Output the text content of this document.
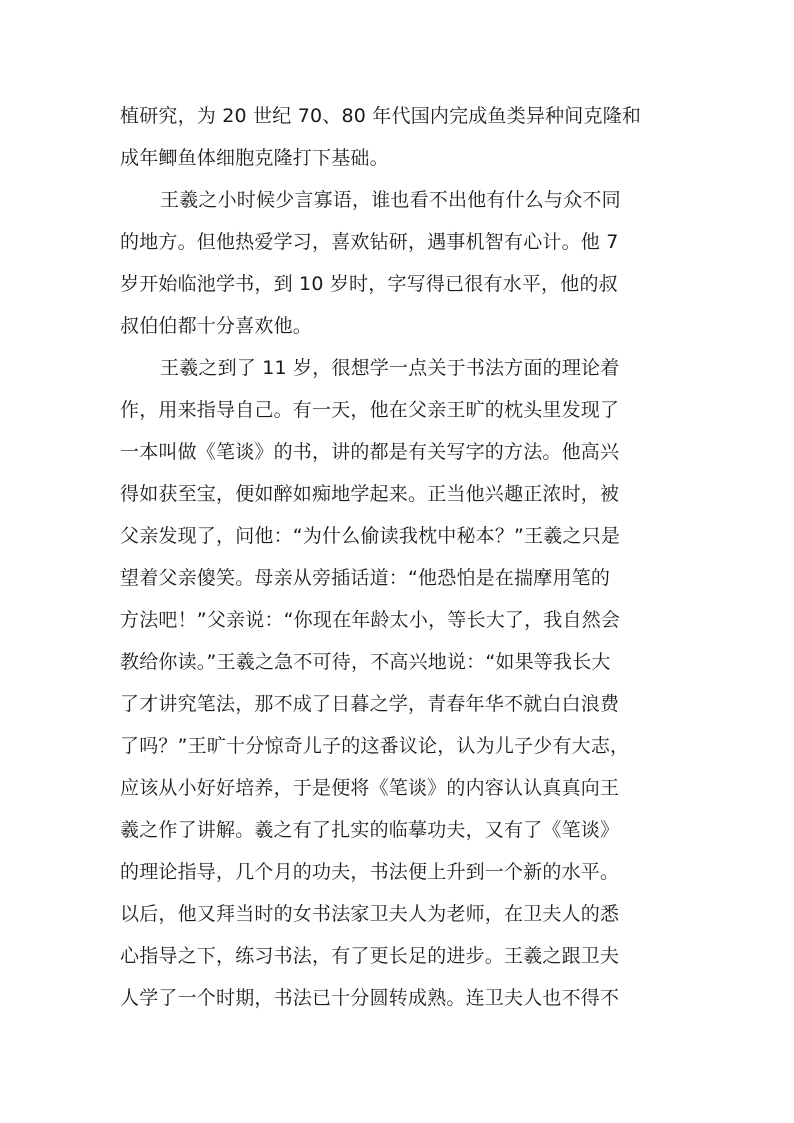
植研究，为 20 世纪 70、80 年代国内完成鱼类异种间克隆和
成年鲫鱼体细胞克隆打下基础。
王羲之小时候少言寡语，谁也看不出他有什么与众不同
的地方。但他热爱学习，喜欢钻研，遇事机智有心计。他 7
岁开始临池学书，到 10 岁时，字写得已很有水平，他的叔
叔伯伯都十分喜欢他。
王羲之到了 11 岁，很想学一点关于书法方面的理论着
作，用来指导自己。有一天，他在父亲王旷的枕头里发现了
一本叫做《笔谈》的书，讲的都是有关写字的方法。他高兴
得如获至宝，便如醉如痴地学起来。正当他兴趣正浓时，被
父亲发现了，问他：“为什么偷读我枕中秘本？”王羲之只是
望着父亲傻笑。母亲从旁插话道：“他恐怕是在揣摩用笔的
方法吧！”父亲说：“你现在年龄太小，等长大了，我自然会
教给你读。”王羲之急不可待，不高兴地说：“如果等我长大
了才讲究笔法，那不成了日暮之学，青春年华不就白白浪费
了吗？”王旷十分惊奇儿子的这番议论，认为儿子少有大志，
应该从小好好培养，于是便将《笔谈》的内容认认真真向王
羲之作了讲解。羲之有了扎实的临摹功夫，又有了《笔谈》
的理论指导，几个月的功夫，书法便上升到一个新的水平。
以后，他又拜当时的女书法家卫夫人为老师，在卫夫人的悉
心指导之下，练习书法，有了更长足的进步。王羲之跟卫夫
人学了一个时期，书法已十分圆转成熟。连卫夫人也不得不
